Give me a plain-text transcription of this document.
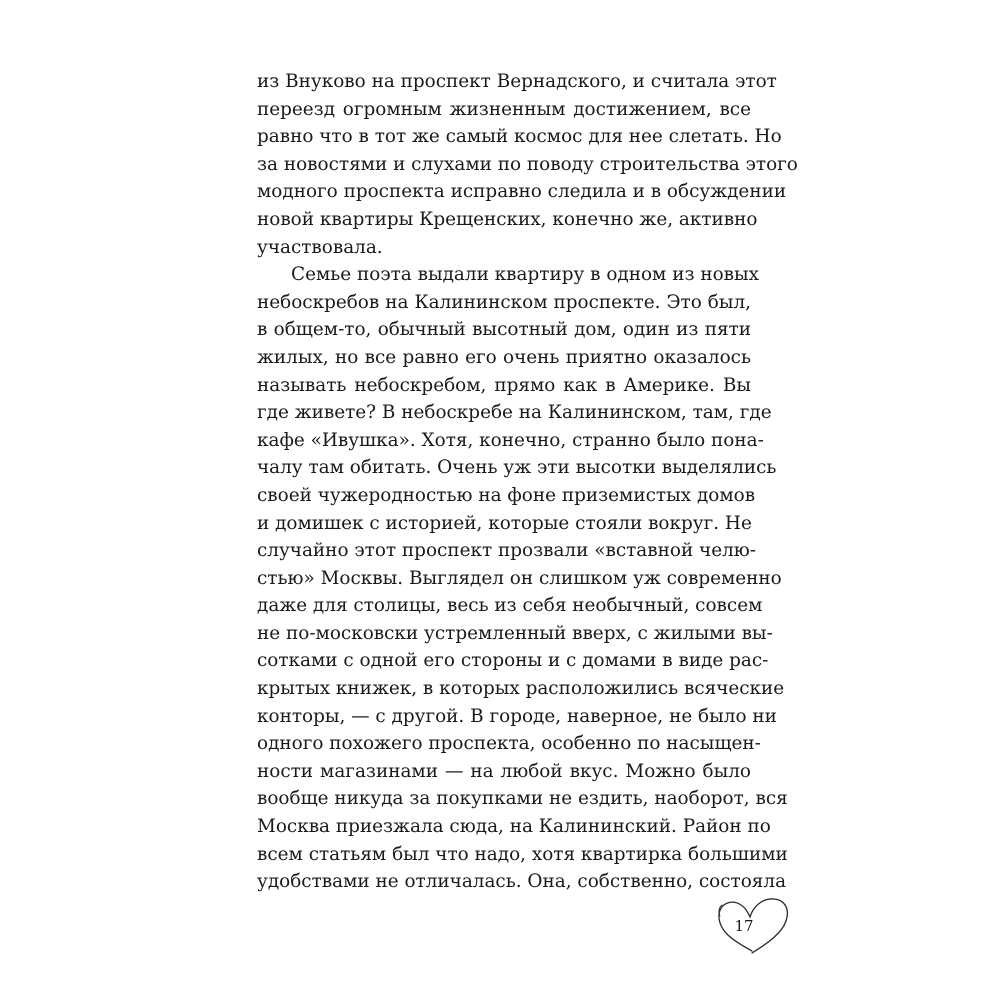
из Внуково на проспект Вернадского, и считала этот
переезд огромным жизненным достижением, все
равно что в тот же самый космос для нее слетать. Но
за новостями и слухами по поводу строительства этого
модного проспекта исправно следила и в обсуждении
новой квартиры Крещенских, конечно же, активно
участвовала.
Семье поэта выдали квартиру в одном из новых
небоскребов на Калининском проспекте. Это был,
в общем-то, обычный высотный дом, один из пяти
жилых, но все равно его очень приятно оказалось
называть небоскребом, прямо как в Америке. Вы
где живете? В небоскребе на Калининском, там, где
кафе «Ивушка». Хотя, конечно, странно было пона-
чалу там обитать. Очень уж эти высотки выделялись
своей чужеродностью на фоне приземистых домов
и домишек с историей, которые стояли вокруг. Не
случайно этот проспект прозвали «вставной челю-
стью» Москвы. Выглядел он слишком уж современно
даже для столицы, весь из себя необычный, совсем
не по-московски устремленный вверх, с жилыми вы-
сотками с одной его стороны и с домами в виде рас-
крытых книжек, в которых расположились всяческие
конторы, — с другой. В городе, наверное, не было ни
одного похожего проспекта, особенно по насыщен-
ности магазинами — на любой вкус. Можно было
вообще никуда за покупками не ездить, наоборот, вся
Москва приезжала сюда, на Калининский. Район по
всем статьям был что надо, хотя квартирка большими
удобствами не отличалась. Она, собственно, состояла
17
